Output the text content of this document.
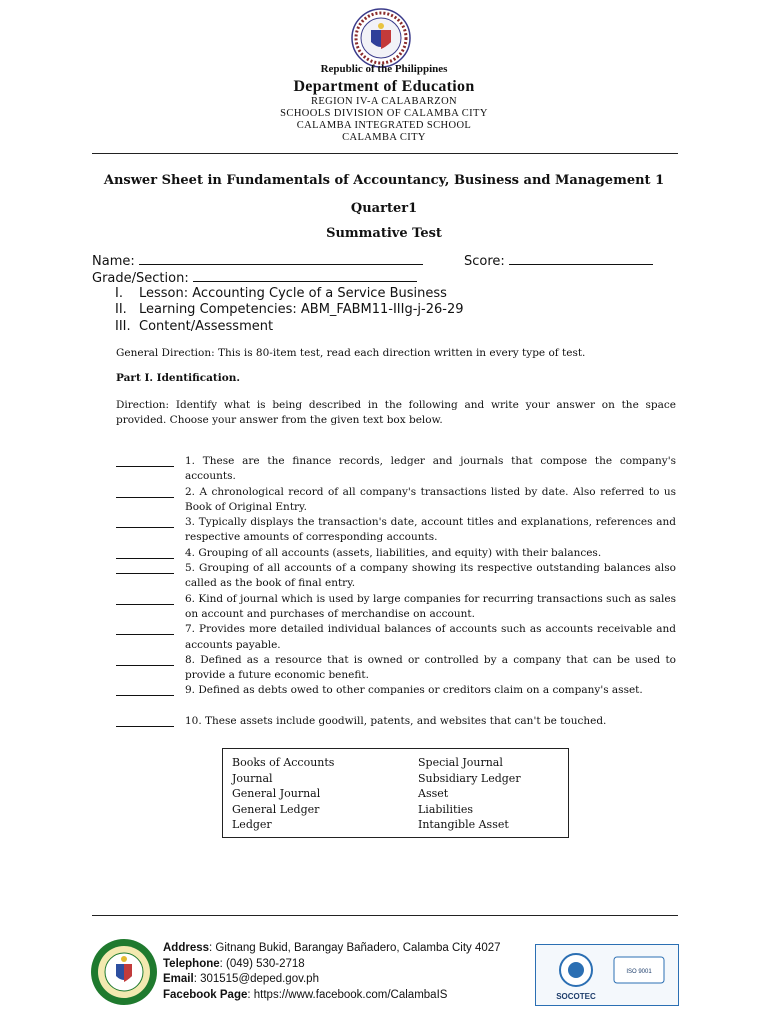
Republic of the Philippines
Department of Education
REGION IV-A CALABARZON
SCHOOLS DIVISION OF CALAMBA CITY
CALAMBA INTEGRATED SCHOOL
CALAMBA CITY
Answer Sheet in Fundamentals of Accountancy, Business and Management 1
Quarter1
Summative Test
Name:	Score:
Grade/Section:
I. Lesson: Accounting Cycle of a Service Business
II. Learning Competencies: ABM_FABM11-IIIg-j-26-29
III. Content/Assessment
General Direction: This is 80-item test, read each direction written in every type of test.
Part I. Identification.
Direction: Identify what is being described in the following and write your answer on the space provided. Choose your answer from the given text box below.
1. These are the finance records, ledger and journals that compose the company's accounts.
2. A chronological record of all company's transactions listed by date. Also referred to us Book of Original Entry.
3. Typically displays the transaction's date, account titles and explanations, references and respective amounts of corresponding accounts.
4. Grouping of all accounts (assets, liabilities, and equity) with their balances.
5. Grouping of all accounts of a company showing its respective outstanding balances also called as the book of final entry.
6. Kind of journal which is used by large companies for recurring transactions such as sales on account and purchases of merchandise on account.
7. Provides more detailed individual balances of accounts such as accounts receivable and accounts payable.
8. Defined as a resource that is owned or controlled by a company that can be used to provide a future economic benefit.
9. Defined as debts owed to other companies or creditors claim on a company's asset.
10. These assets include goodwill, patents, and websites that can't be touched.
Books of Accounts
Journal
General Journal
General Ledger
Ledger
Special Journal
Subsidiary Ledger
Asset
Liabilities
Intangible Asset
Address: Gitnang Bukid, Barangay Bañadero, Calamba City 4027
Telephone: (049) 530-2718
Email: 301515@deped.gov.ph
Facebook Page: https://www.facebook.com/CalambaIS	SOCOTEC
ISO 9001
